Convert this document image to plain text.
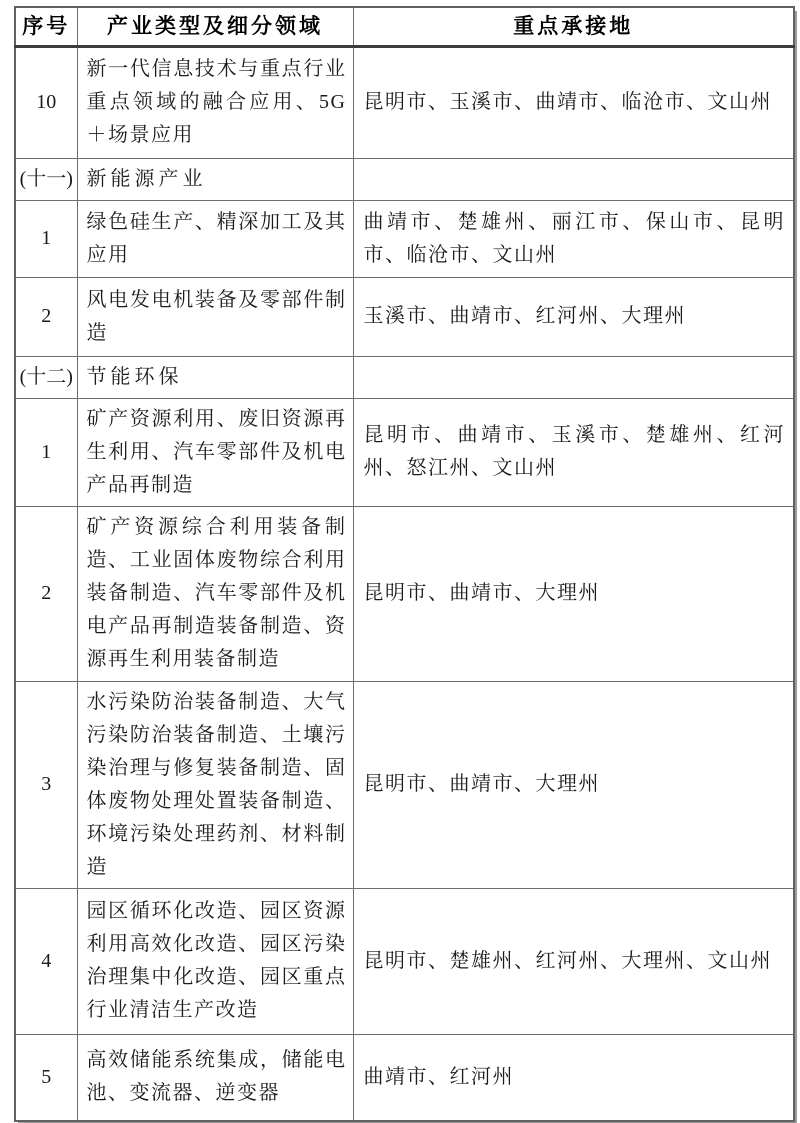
序号	产业类型及细分领域	重点承接地
10	新一代信息技术与重点行业重点领域的融合应用、5G＋场景应用	昆明市、玉溪市、曲靖市、临沧市、文山州
(十一)	新能源产业	
1	绿色硅生产、精深加工及其应用	曲靖市、楚雄州、丽江市、保山市、昆明市、临沧市、文山州
2	风电发电机装备及零部件制造	玉溪市、曲靖市、红河州、大理州
(十二)	节能环保	
1	矿产资源利用、废旧资源再生利用、汽车零部件及机电产品再制造	昆明市、曲靖市、玉溪市、楚雄州、红河州、怒江州、文山州
2	矿产资源综合利用装备制造、工业固体废物综合利用装备制造、汽车零部件及机电产品再制造装备制造、资源再生利用装备制造	昆明市、曲靖市、大理州
3	水污染防治装备制造、大气污染防治装备制造、土壤污染治理与修复装备制造、固体废物处理处置装备制造、环境污染处理药剂、材料制造	昆明市、曲靖市、大理州
4	园区循环化改造、园区资源利用高效化改造、园区污染治理集中化改造、园区重点行业清洁生产改造	昆明市、楚雄州、红河州、大理州、文山州
5	高效储能系统集成，储能电池、变流器、逆变器	曲靖市、红河州
